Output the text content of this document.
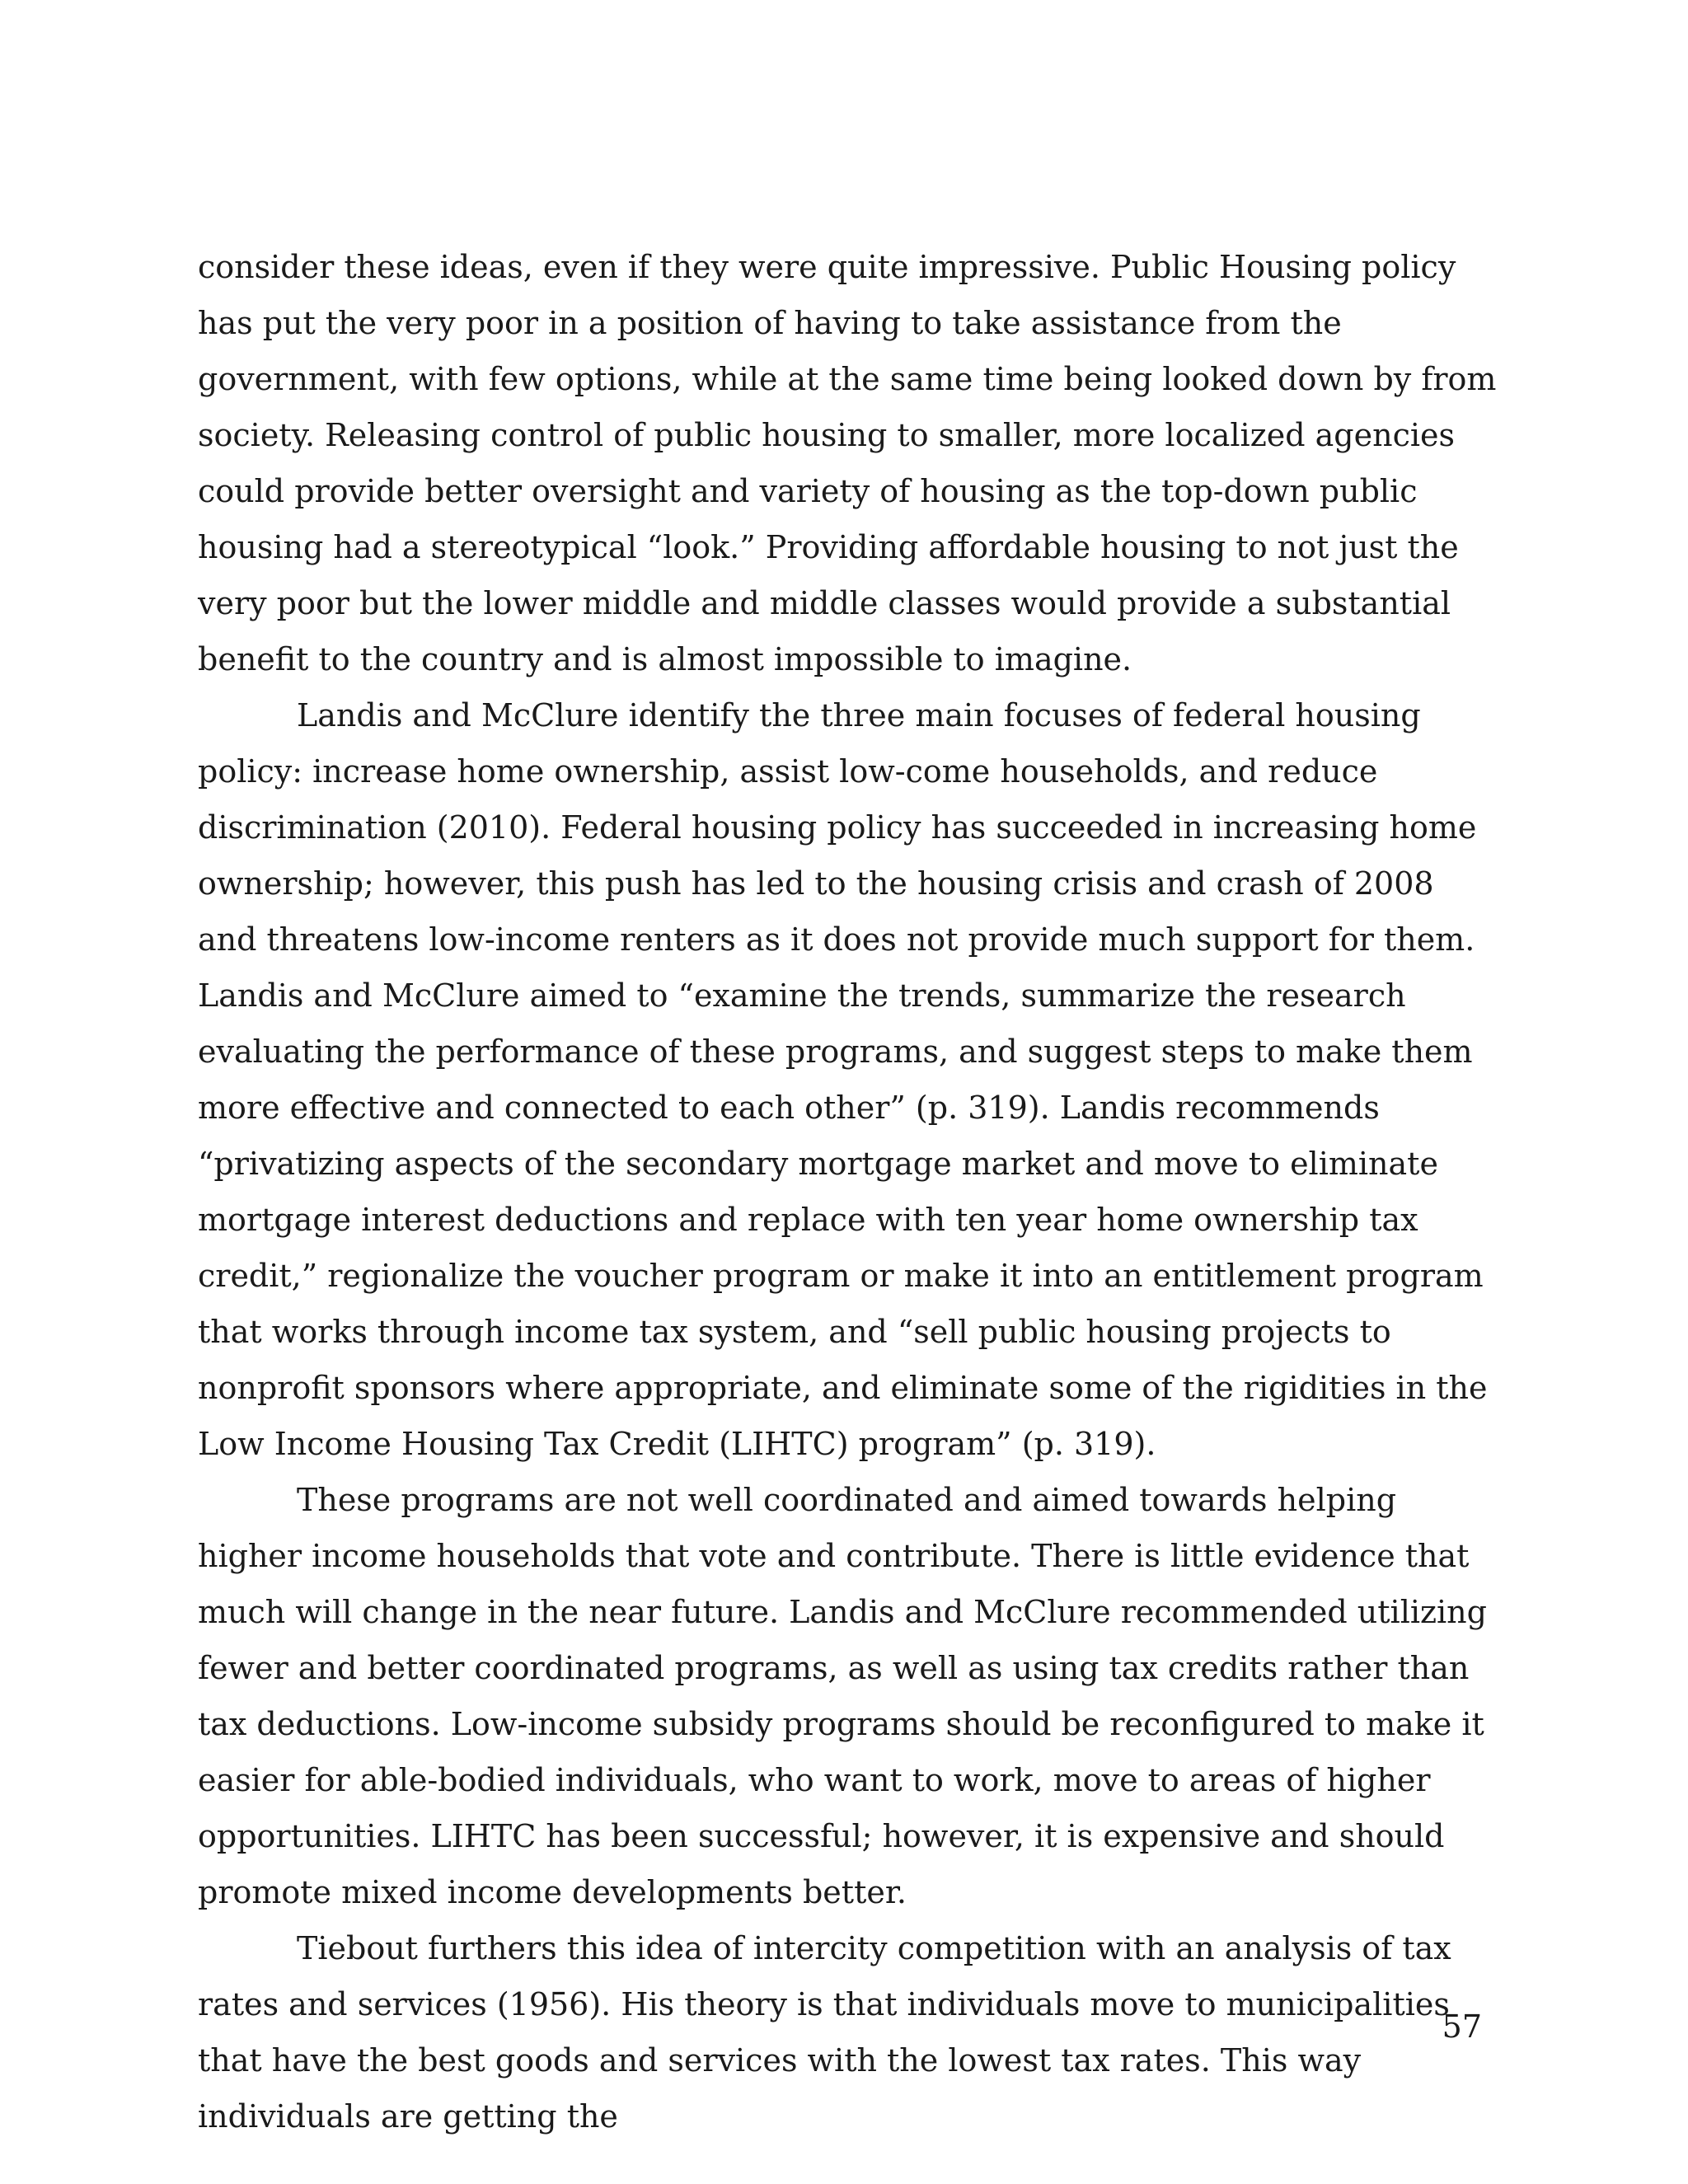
consider these ideas, even if they were quite impressive. Public Housing policy has put the very poor in a position of having to take assistance from the government, with few options, while at the same time being looked down by from society. Releasing control of public housing to smaller, more localized agencies could provide better oversight and variety of housing as the top-down public housing had a stereotypical “look.” Providing affordable housing to not just the very poor but the lower middle and middle classes would provide a substantial benefit to the country and is almost impossible to imagine.

Landis and McClure identify the three main focuses of federal housing policy: increase home ownership, assist low-come households, and reduce discrimination (2010). Federal housing policy has succeeded in increasing home ownership; however, this push has led to the housing crisis and crash of 2008 and threatens low-income renters as it does not provide much support for them. Landis and McClure aimed to “examine the trends, summarize the research evaluating the performance of these programs, and suggest steps to make them more effective and connected to each other” (p. 319). Landis recommends “privatizing aspects of the secondary mortgage market and move to eliminate mortgage interest deductions and replace with ten year home ownership tax credit,” regionalize the voucher program or make it into an entitlement program that works through income tax system, and “sell public housing projects to nonprofit sponsors where appropriate, and eliminate some of the rigidities in the Low Income Housing Tax Credit (LIHTC) program” (p. 319).

These programs are not well coordinated and aimed towards helping higher income households that vote and contribute. There is little evidence that much will change in the near future. Landis and McClure recommended utilizing fewer and better coordinated programs, as well as using tax credits rather than tax deductions. Low-income subsidy programs should be reconfigured to make it easier for able-bodied individuals, who want to work, move to areas of higher opportunities. LIHTC has been successful; however, it is expensive and should promote mixed income developments better.

Tiebout furthers this idea of intercity competition with an analysis of tax rates and services (1956). His theory is that individuals move to municipalities that have the best goods and services with the lowest tax rates. This way individuals are getting the

57
